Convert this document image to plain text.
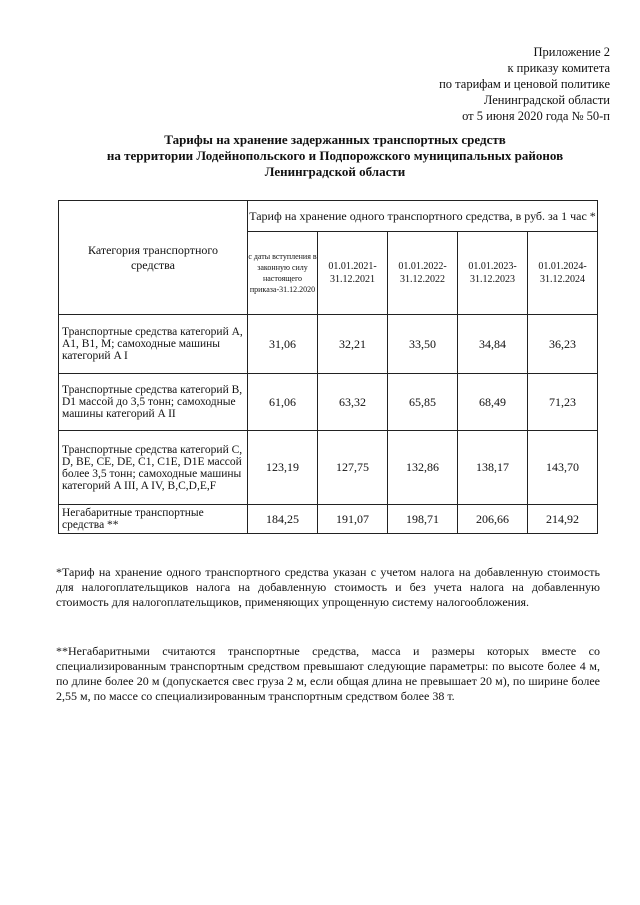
Приложение 2
к приказу комитета
по тарифам и ценовой политике
Ленинградской области
от 5 июня 2020 года № 50-п
Тарифы на хранение задержанных транспортных средств
на территории Лодейнопольского и Подпорожского муниципальных районов
Ленинградской области
Категория транспортного средства	Тариф на хранение одного транспортного средства, в руб. за 1 час *				
	с даты вступления в законную силу настоящего приказа-31.12.2020	01.01.2021-31.12.2021	01.01.2022-31.12.2022	01.01.2023-31.12.2023	01.01.2024-31.12.2024
Транспортные средства категорий A, A1, B1, M; самоходные машины категорий A I	31,06	32,21	33,50	34,84	36,23
Транспортные средства категорий B, D1 массой до 3,5 тонн; самоходные машины категорий A II	61,06	63,32	65,85	68,49	71,23
Транспортные средства категорий C, D, BE, CE, DE, C1, C1E, D1E массой более 3,5 тонн; самоходные машины категорий A III, A IV, B,C,D,E,F	123,19	127,75	132,86	138,17	143,70
Негабаритные транспортные средства **	184,25	191,07	198,71	206,66	214,92

*Тариф на хранение одного транспортного средства указан с учетом налога на добавленную стоимость для налогоплательщиков налога на добавленную стоимость и без учета налога на добавленную стоимость для налогоплательщиков, применяющих упрощенную систему налогообложения.

**Негабаритными считаются транспортные средства, масса и размеры которых вместе со специализированным транспортным средством превышают следующие параметры: по высоте более 4 м, по длине более 20 м (допускается свес груза 2 м, если общая длина не превышает 20 м), по ширине более 2,55 м, по массе со специализированным транспортным средством более 38 т.
